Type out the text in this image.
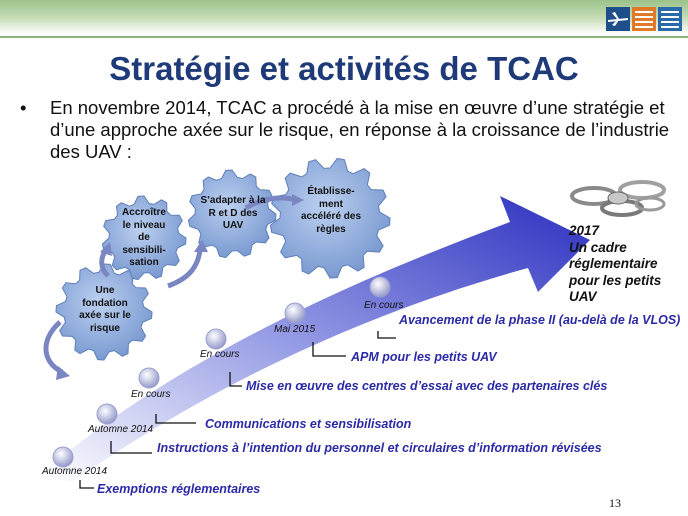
Stratégie et activités de TCAC
• En novembre 2014, TCAC a procédé à la mise en œuvre d’une stratégie et d’une approche axée sur le risque, en réponse à la croissance de l’industrie des UAV :
Une fondation axée sur le risque
Accroître le niveau de sensibili-sation
S’adapter à la R et D des UAV
Établisse-ment accéléré des règles
Automne 2014
Automne 2014
En cours
En cours
Mai 2015
En cours
Exemptions réglementaires
Instructions à l’intention du personnel et circulaires d’information révisées
Communications et sensibilisation
Mise en œuvre des centres d’essai avec des partenaires clés
APM pour les petits UAV
Avancement de la phase II (au-delà de la VLOS)
2017
Un cadre réglementaire pour les petits UAV
13
